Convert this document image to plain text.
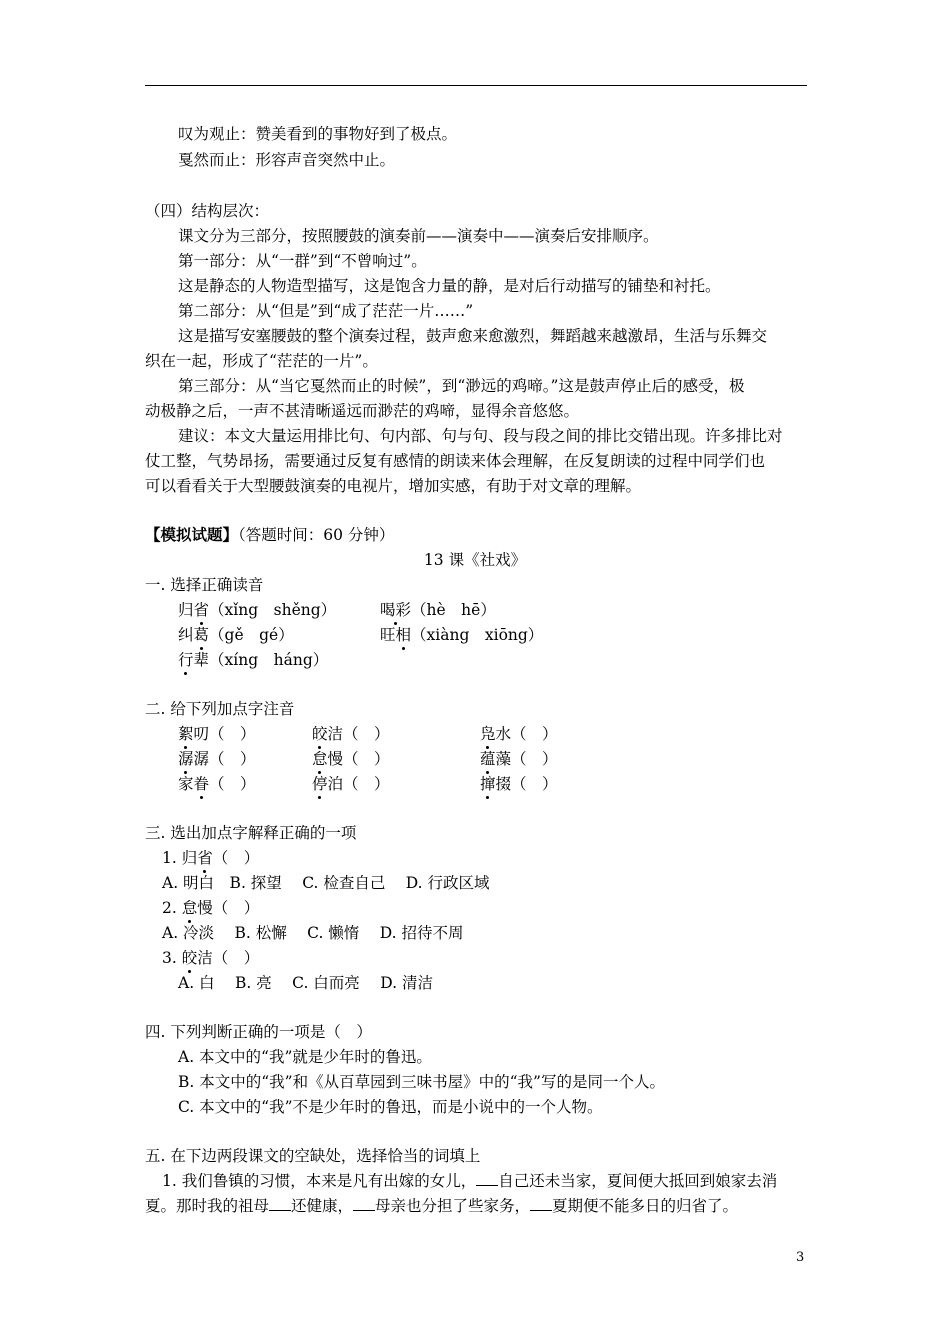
叹为观止：赞美看到的事物好到了极点。
戛然而止：形容声音突然中止。
（四）结构层次：
课文分为三部分，按照腰鼓的演奏前——演奏中——演奏后安排顺序。
第一部分：从“一群”到“不曾响过”。
这是静态的人物造型描写，这是饱含力量的静，是对后行动描写的铺垫和衬托。
第二部分：从“但是”到“成了茫茫一片……”
这是描写安塞腰鼓的整个演奏过程，鼓声愈来愈激烈，舞蹈越来越激昂，生活与乐舞交
织在一起，形成了“茫茫的一片”。
第三部分：从“当它戛然而止的时候”，到“渺远的鸡啼。”这是鼓声停止后的感受，极
动极静之后，一声不甚清晰遥远而渺茫的鸡啼，显得余音悠悠。
建议：本文大量运用排比句、句内部、句与句、段与段之间的排比交错出现。许多排比对
仗工整，气势昂扬，需要通过反复有感情的朗读来体会理解，在反复朗读的过程中同学们也
可以看看关于大型腰鼓演奏的电视片，增加实感，有助于对文章的理解。
【模拟试题】（答题时间：60 分钟）
13 课《社戏》
一. 选择正确读音
归省（xǐng　shěng）	喝彩（hè　hē）
纠葛（gě　gé）	旺相（xiàng　xiōng）
行辈（xíng　háng）
二. 给下列加点字注音
絮叨（　）	皎洁（　）	凫水（　）
潺潺（　）	怠慢（　）	蕴藻（　）
家眷（　）	停泊（　）	撺掇（　）
三. 选出加点字解释正确的一项
1. 归省（　）
A. 明白　B. 探望　 C. 检查自己　 D. 行政区域
2. 怠慢（　）
A. 冷淡　 B. 松懈　 C. 懒惰　 D. 招待不周
3. 皎洁（　）
A. 白　 B. 亮　 C. 白而亮　 D. 清洁
四. 下列判断正确的一项是（　）
A. 本文中的“我”就是少年时的鲁迅。
B. 本文中的“我”和《从百草园到三味书屋》中的“我”写的是同一个人。
C. 本文中的“我”不是少年时的鲁迅，而是小说中的一个人物。
五. 在下边两段课文的空缺处，选择恰当的词填上
1. 我们鲁镇的习惯，本来是凡有出嫁的女儿， 自己还未当家，夏间便大抵回到娘家去消
夏。那时我的祖母 还健康， 母亲也分担了些家务， 夏期便不能多日的归省了。
3
